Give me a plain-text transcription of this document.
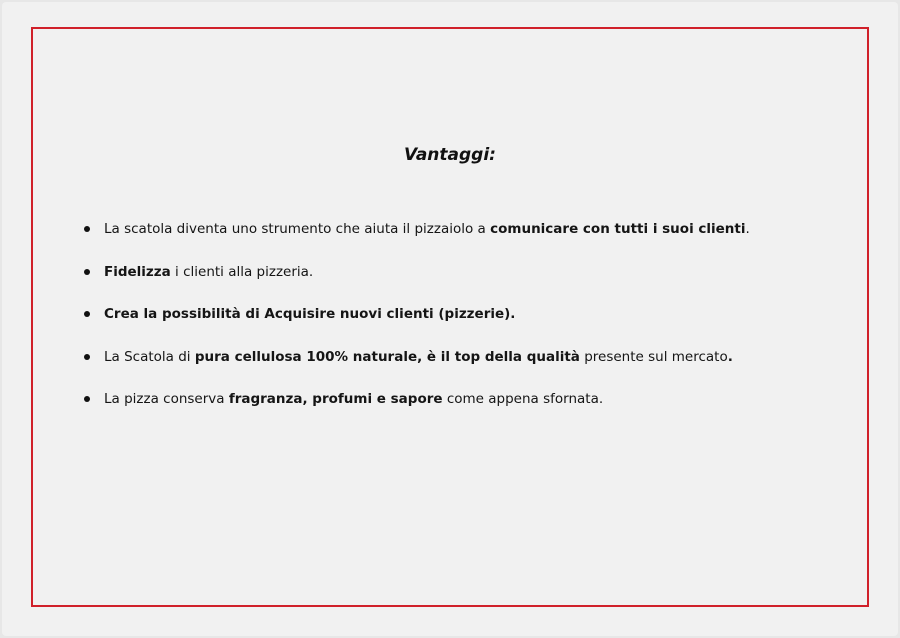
Vantaggi:
La scatola diventa uno strumento che aiuta il pizzaiolo a comunicare con tutti i suoi clienti.
Fidelizza i clienti alla pizzeria.
Crea la possibilità di Acquisire nuovi clienti (pizzerie).
La Scatola di pura cellulosa 100% naturale, è il top della qualità presente sul mercato.
La pizza conserva fragranza, profumi e sapore come appena sfornata.
